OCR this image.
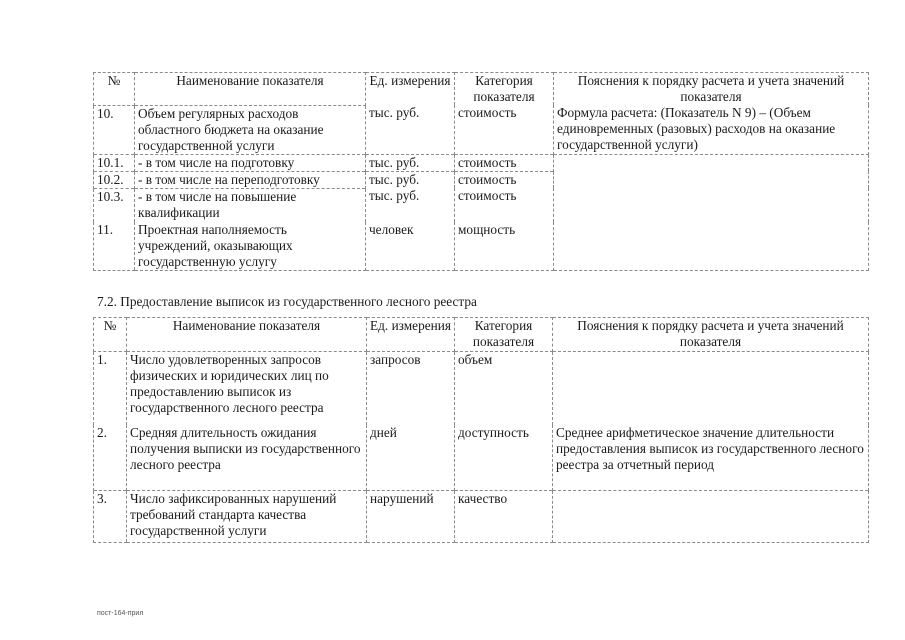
№	Наименование показателя	Ед. измерения	Категория показателя	Пояснения к порядку расчета и учета значений показателя
10.	Объем регулярных расходов областного бюджета на оказание государственной услуги	тыс. руб.	стоимость	Формула расчета: (Показатель N 9) – (Объем единовременных (разовых) расходов на оказание государственной услуги)
10.1.	- в том числе на подготовку	тыс. руб.	стоимость	
10.2.	- в том числе на переподготовку	тыс. руб.	стоимость	
10.3.	- в том числе на повышение квалификации	тыс. руб.	стоимость	
11.	Проектная наполняемость учреждений, оказывающих государственную услугу	человек	мощность	
7.2. Предоставление выписок из государственного лесного реестра
№	Наименование показателя	Ед. измерения	Категория показателя	Пояснения к порядку расчета и учета значений показателя
1.	Число удовлетворенных запросов физических и юридических лиц по предоставлению выписок из государственного лесного реестра	запросов	объем	
2.	Средняя длительность ожидания получения выписки из государственного лесного реестра	дней	доступность	Среднее арифметическое значение длительности предоставления выписок из государственного лесного реестра за отчетный период
3.	Число зафиксированных нарушений требований стандарта качества государственной услуги	нарушений	качество	
пост-164-прил
